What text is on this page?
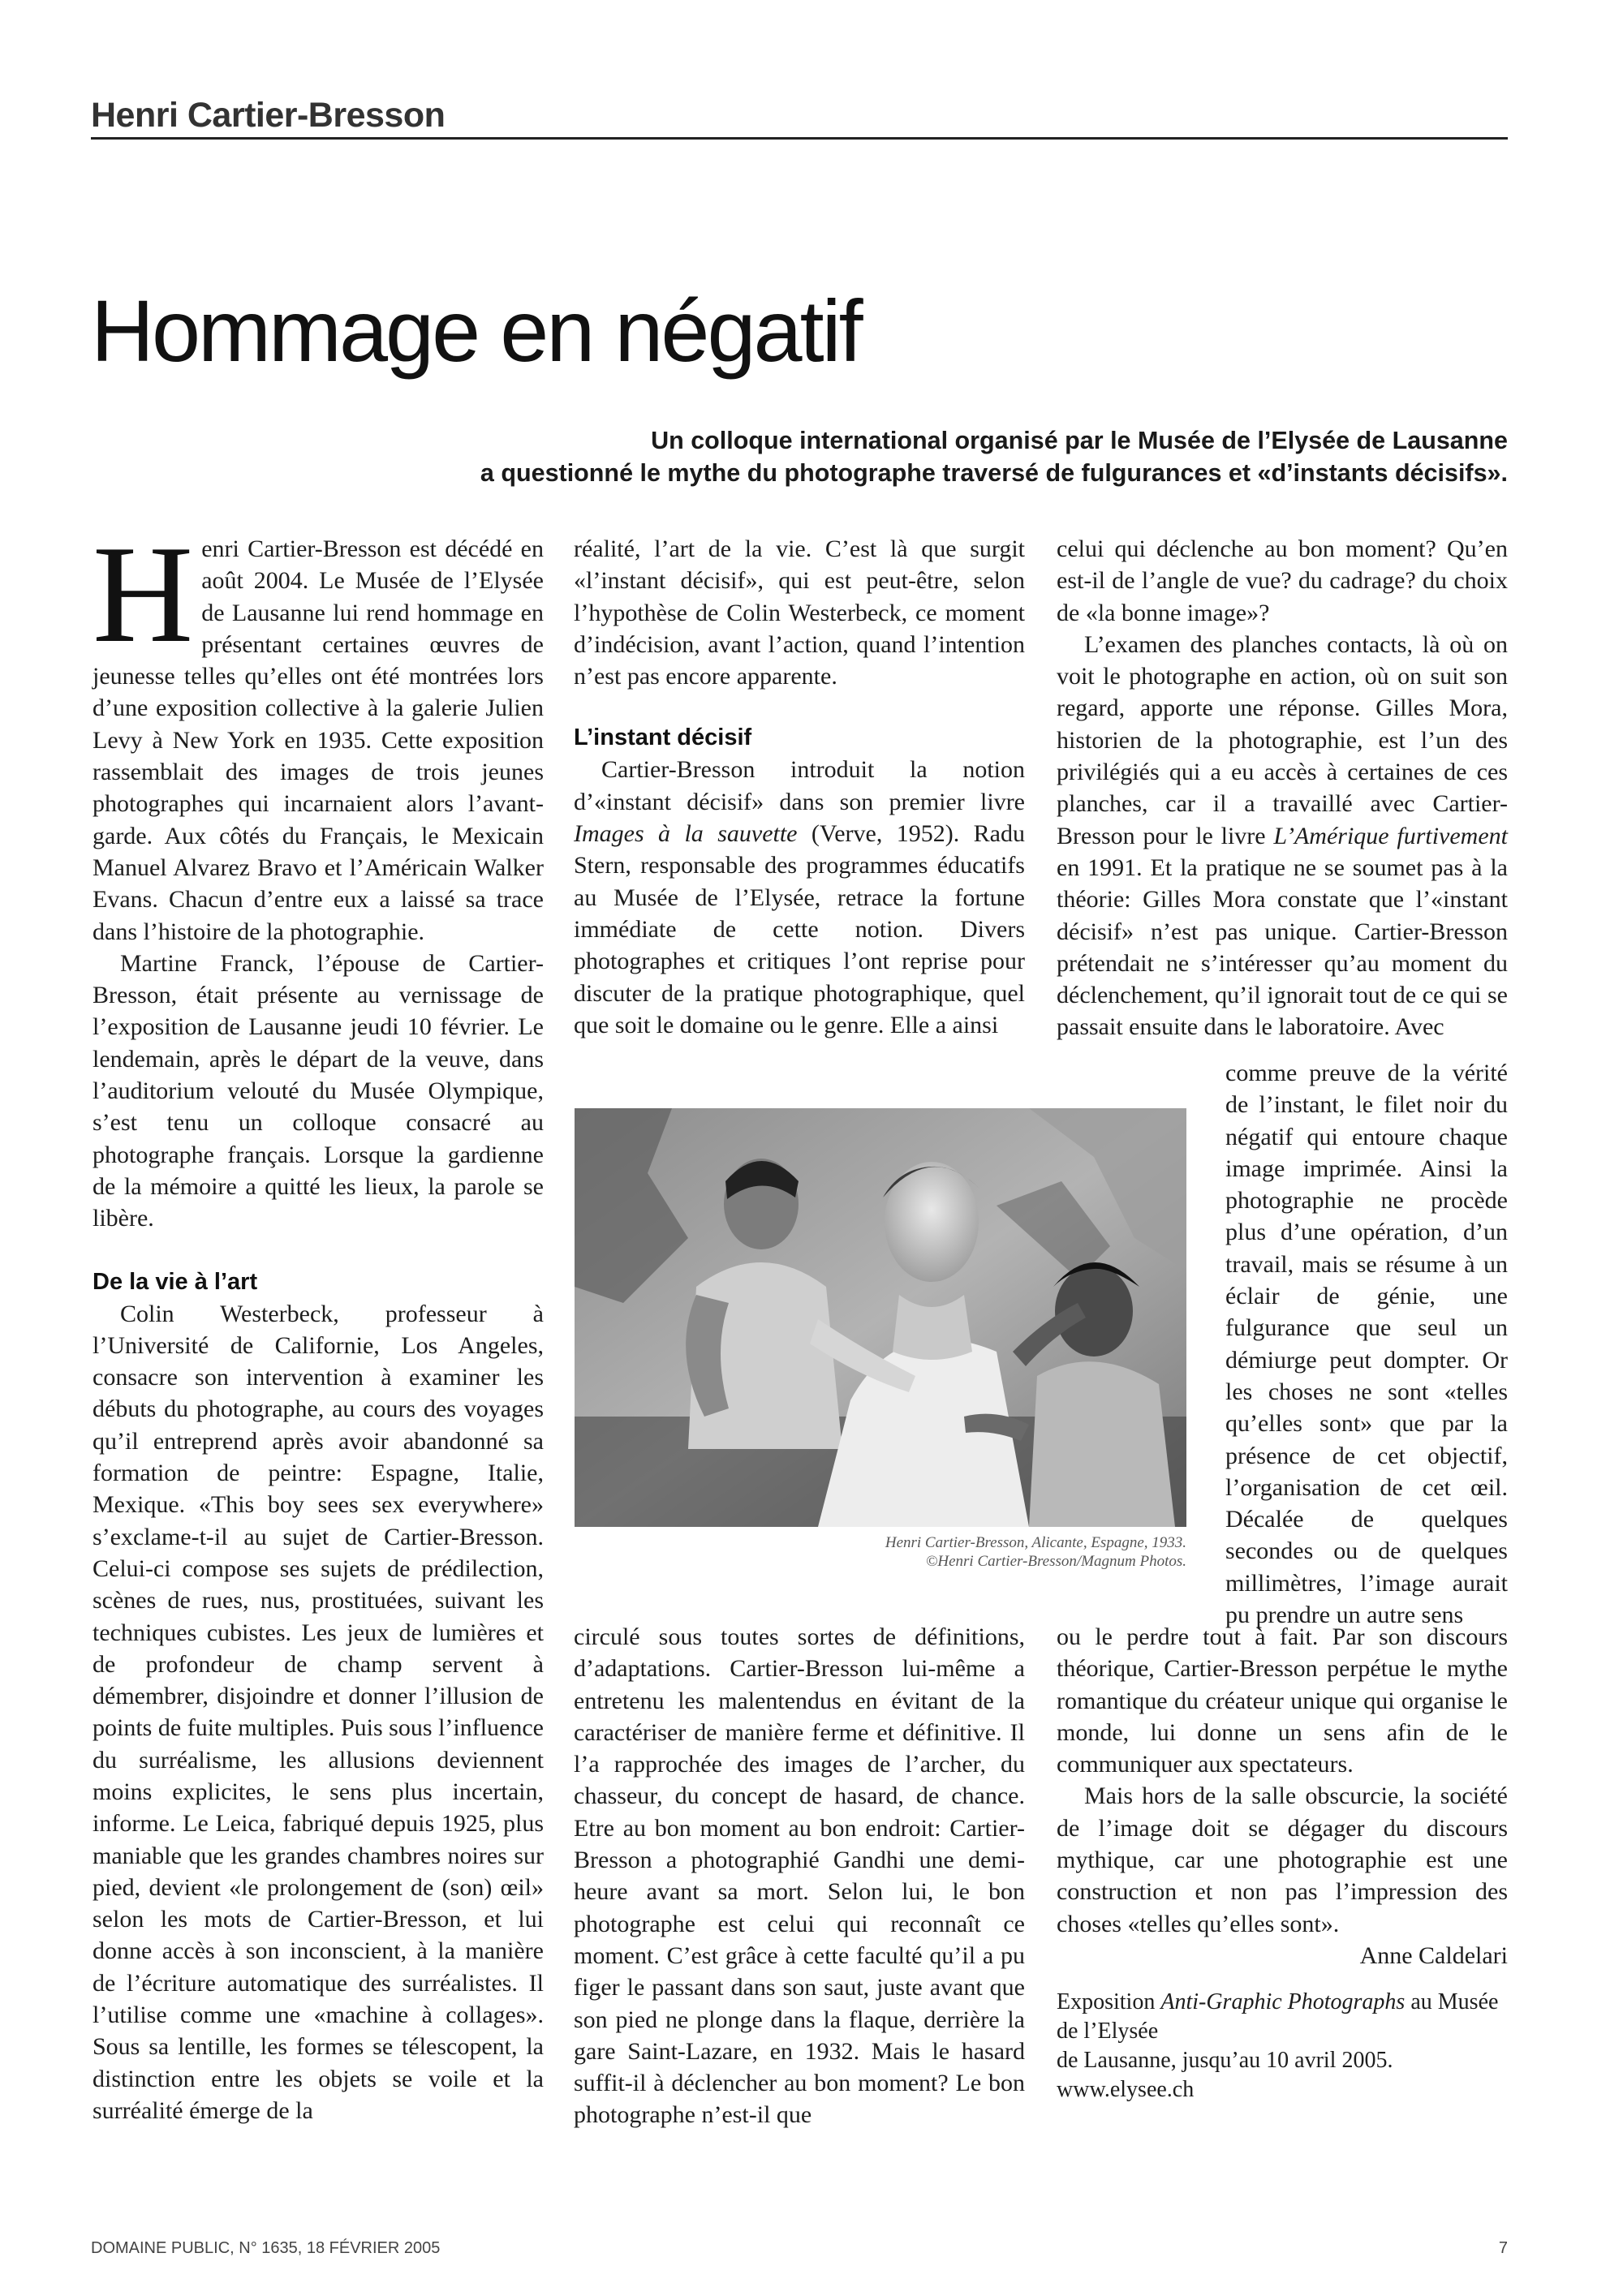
Henri Cartier-Bresson
Hommage en négatif
Un colloque international organisé par le Musée de l’Elysée de Lausanne
a questionné le mythe du photographe traversé de fulgurances et «d’instants décisifs».

Henri Cartier-Bresson est décédé en août 2004. Le Musée de l’Elysée de Lausanne lui rend hommage en présentant certaines œuvres de jeunesse telles qu’elles ont été montrées lors d’une exposition collective à la galerie Julien Levy à New York en 1935. Cette exposition rassemblait des images de trois jeunes photographes qui incarnaient alors l’avant-garde. Aux côtés du Français, le Mexicain Manuel Alvarez Bravo et l’Américain Walker Evans. Chacun d’entre eux a laissé sa trace dans l’histoire de la photographie.

Martine Franck, l’épouse de Cartier-Bresson, était présente au vernissage de l’exposition de Lausanne jeudi 10 février. Le lendemain, après le départ de la veuve, dans l’auditorium velouté du Musée Olympique, s’est tenu un colloque consacré au photographe français. Lorsque la gardienne de la mémoire a quitté les lieux, la parole se libère.

De la vie à l’art

Colin Westerbeck, professeur à l’Université de Californie, Los Angeles, consacre son intervention à examiner les débuts du photographe, au cours des voyages qu’il entreprend après avoir abandonné sa formation de peintre: Espagne, Italie, Mexique. «This boy sees sex everywhere» s’exclame-t-il au sujet de Cartier-Bresson. Celui-ci compose ses sujets de prédilection, scènes de rues, nus, prostituées, suivant les techniques cubistes. Les jeux de lumières et de profondeur de champ servent à démembrer, disjoindre et donner l’illusion de points de fuite multiples. Puis sous l’influence du surréalisme, les allusions deviennent moins explicites, le sens plus incertain, informe. Le Leica, fabriqué depuis 1925, plus maniable que les grandes chambres noires sur pied, devient «le prolongement de (son) œil» selon les mots de Cartier-Bresson, et lui donne accès à son inconscient, à la manière de l’écriture automatique des surréalistes. Il l’utilise comme une «machine à collages». Sous sa lentille, les formes se télescopent, la distinction entre les objets se voile et la surréalité émerge de la

réalité, l’art de la vie. C’est là que surgit «l’instant décisif», qui est peut-être, selon l’hypothèse de Colin Westerbeck, ce moment d’indécision, avant l’action, quand l’intention n’est pas encore apparente.

L’instant décisif

Cartier-Bresson introduit la notion d’«instant décisif» dans son premier livre Images à la sauvette (Verve, 1952). Radu Stern, responsable des programmes éducatifs au Musée de l’Elysée, retrace la fortune immédiate de cette notion. Divers photographes et critiques l’ont reprise pour discuter de la pratique photographique, quel que soit le domaine ou le genre. Elle a ainsi

Henri Cartier-Bresson, Alicante, Espagne, 1933.
©Henri Cartier-Bresson/Magnum Photos.

circulé sous toutes sortes de définitions, d’adaptations. Cartier-Bresson lui-même a entretenu les malentendus en évitant de la caractériser de manière ferme et définitive. Il l’a rapprochée des images de l’archer, du chasseur, du concept de hasard, de chance. Etre au bon moment au bon endroit: Cartier-Bresson a photographié Gandhi une demi-heure avant sa mort. Selon lui, le bon photographe est celui qui reconnaît ce moment. C’est grâce à cette faculté qu’il a pu figer le passant dans son saut, juste avant que son pied ne plonge dans la flaque, derrière la gare Saint-Lazare, en 1932. Mais le hasard suffit-il à déclencher au bon moment? Le bon photographe n’est-il que

celui qui déclenche au bon moment? Qu’en est-il de l’angle de vue? du cadrage? du choix de «la bonne image»?

L’examen des planches contacts, là où on voit le photographe en action, où on suit son regard, apporte une réponse. Gilles Mora, historien de la photographie, est l’un des privilégiés qui a eu accès à certaines de ces planches, car il a travaillé avec Cartier-Bresson pour le livre L’Amérique furtivement en 1991. Et la pratique ne se soumet pas à la théorie: Gilles Mora constate que l’«instant décisif» n’est pas unique. Cartier-Bresson prétendait ne s’intéresser qu’au moment du déclenchement, qu’il ignorait tout de ce qui se passait ensuite dans le laboratoire. Avec

comme preuve de la vérité de l’instant, le filet noir du négatif qui entoure chaque image imprimée. Ainsi la photographie ne procède plus d’une opération, d’un travail, mais se résume à un éclair de génie, une fulgurance que seul un démiurge peut dompter. Or les choses ne sont «telles qu’elles sont» que par la présence de cet objectif, l’organisation de cet œil. Décalée de quelques secondes ou de quelques millimètres, l’image aurait pu prendre un autre sens

ou le perdre tout à fait. Par son discours théorique, Cartier-Bresson perpétue le mythe romantique du créateur unique qui organise le monde, lui donne un sens afin de le communiquer aux spectateurs.

Mais hors de la salle obscurcie, la société de l’image doit se dégager du discours mythique, car une photographie est une construction et non pas l’impression des choses «telles qu’elles sont».

Anne Caldelari

Exposition Anti-Graphic Photographs au Musée de l’Elysée
de Lausanne, jusqu’au 10 avril 2005.
www.elysee.ch
DOMAINE PUBLIC, N° 1635, 18 FÉVRIER 2005	7
